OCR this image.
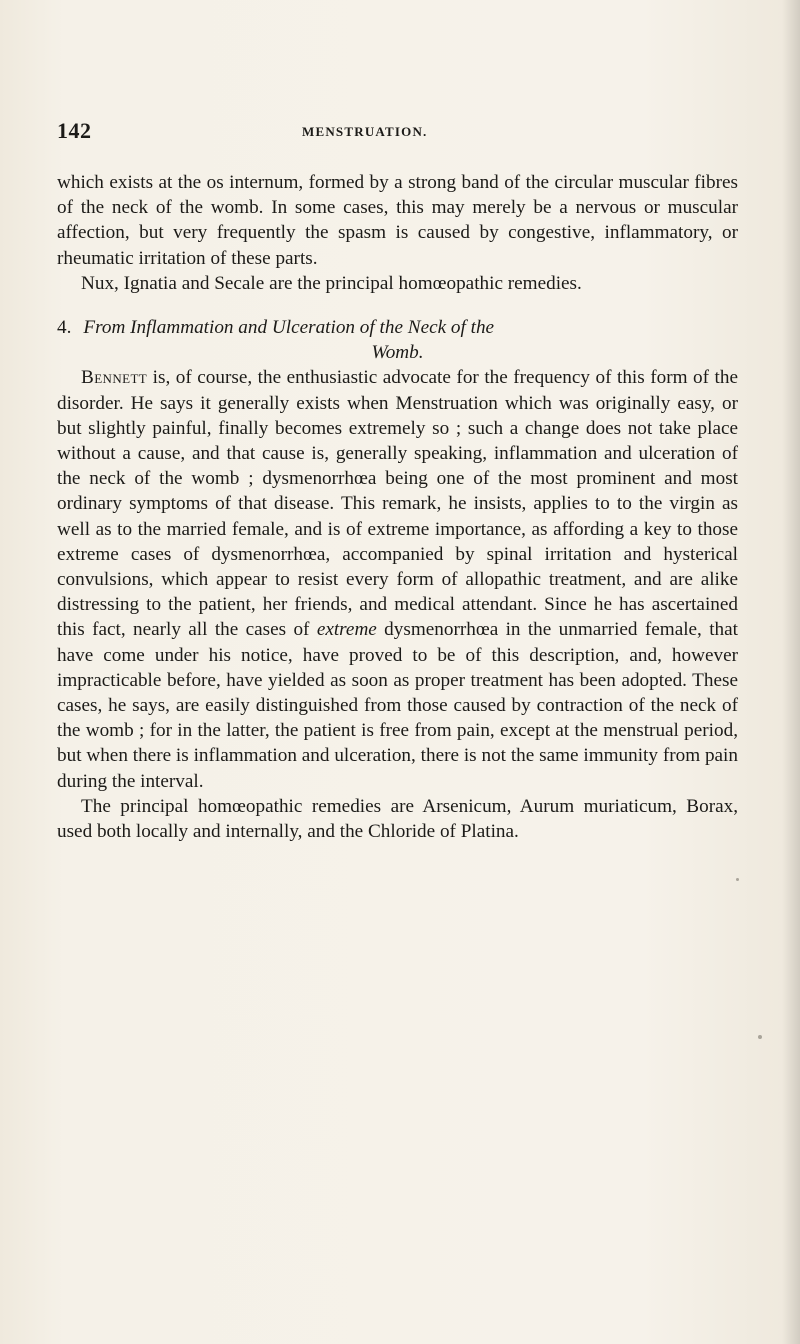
142	MENSTRUATION.

which exists at the os internum, formed by a strong band of the circular muscular fibres of the neck of the womb. In some cases, this may merely be a nervous or muscular affection, but very frequently the spasm is caused by congestive, inflammatory, or rheumatic irritation of these parts.

Nux, Ignatia and Secale are the principal homœopathic remedies.

4. From Inflammation and Ulceration of the Neck of the
Womb.

Bennett is, of course, the enthusiastic advocate for the frequency of this form of the disorder. He says it generally exists when Menstruation which was originally easy, or but slightly painful, finally becomes extremely so ; such a change does not take place without a cause, and that cause is, generally speaking, inflammation and ulceration of the neck of the womb ; dysmenorrhœa being one of the most prominent and most ordinary symptoms of that disease. This remark, he insists, applies to to the virgin as well as to the married female, and is of extreme importance, as affording a key to those extreme cases of dysmenorrhœa, accompanied by spinal irritation and hysterical convulsions, which appear to resist every form of allopathic treatment, and are alike distressing to the patient, her friends, and medical attendant. Since he has ascertained this fact, nearly all the cases of extreme dysmenorrhœa in the unmarried female, that have come under his notice, have proved to be of this description, and, however impracticable before, have yielded as soon as proper treatment has been adopted. These cases, he says, are easily distinguished from those caused by contraction of the neck of the womb ; for in the latter, the patient is free from pain, except at the menstrual period, but when there is inflammation and ulceration, there is not the same immunity from pain during the interval.

The principal homœopathic remedies are Arsenicum, Aurum muriaticum, Borax, used both locally and internally, and the Chloride of Platina.
